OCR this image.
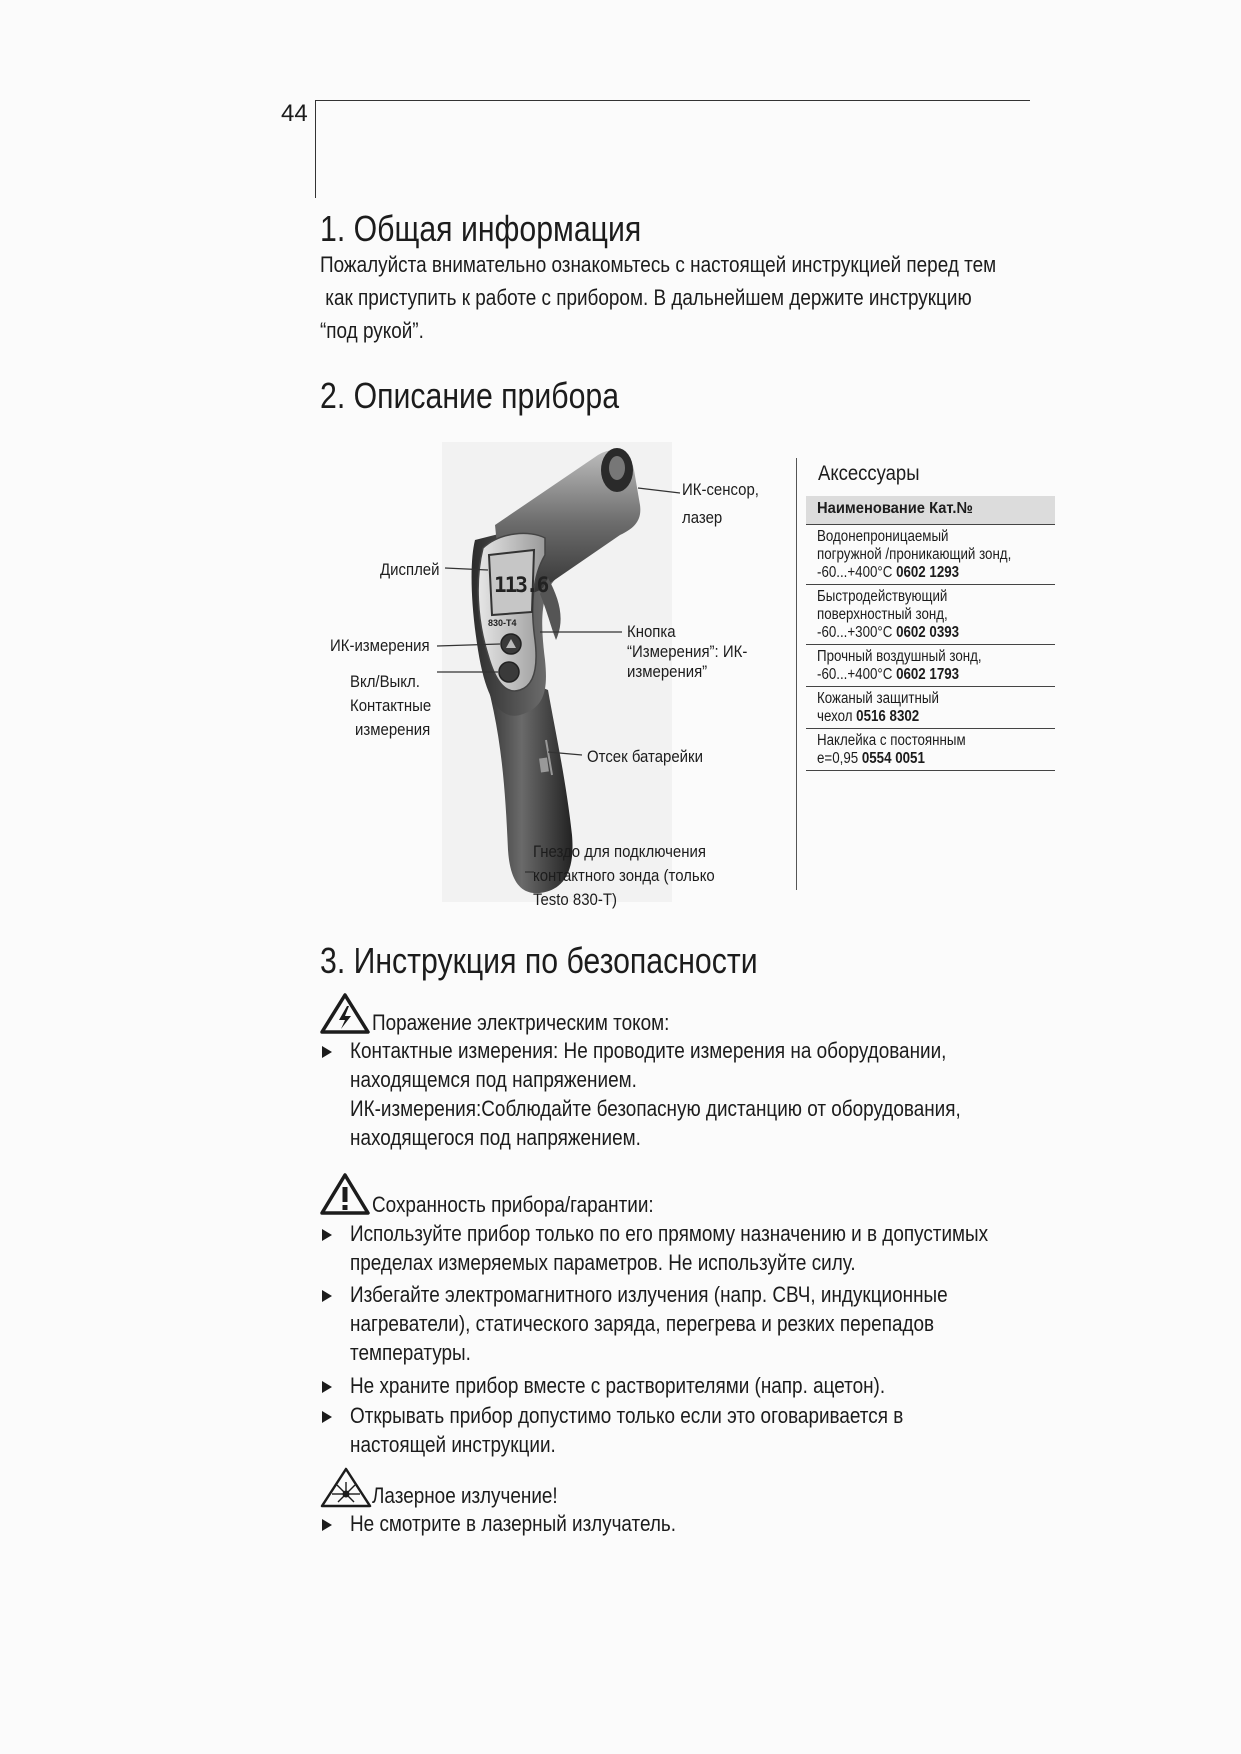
44
1. Общая информация
Пожалуйста внимательно ознакомьтесь с настоящей инструкцией перед тем
как приступить к работе с прибором. В дальнейшем держите инструкцию
“под рукой”.
2. Описание прибора
113.6
830-T4
ИК-сенсор,
лазер
Дисплей
ИК-измерения
Вкл/Выкл.
Контактные
измерения
Кнопка
“Измерения”: ИК-
измерения”
Отсек батарейки
Гнездо для подключения
контактного зонда (только
Testo 830-T)
Аксессуары
Наименование Кат.№
Водонепроницаемый
погружной /проникающий зонд,
-60...+400°C 0602 1293
Быстродействующий
поверхностный зонд,
-60...+300°C 0602 0393
Прочный воздушный зонд,
-60...+400°C 0602 1793
Кожаный защитный
чехол 0516 8302
Наклейка с постоянным
e=0,95 0554 0051
3. Инструкция по безопасности
Поражение электрическим током:
Контактные измерения: Не проводите измерения на оборудовании,
находящемся под напряжением.
ИК-измерения:Соблюдайте безопасную дистанцию от оборудования,
находящегося под напряжением.
Сохранность прибора/гарантии:
Используйте прибор только по его прямому назначению и в допустимых
пределах измеряемых параметров. Не используйте силу.
Избегайте электромагнитного излучения (напр. СВЧ, индукционные
нагреватели), статического заряда, перегрева и резких перепадов
температуры.
Не храните прибор вместе с растворителями (напр. ацетон).
Открывать прибор допустимо только если это оговаривается в
настоящей инструкции.
Лазерное излучение!
Не смотрите в лазерный излучатель.
